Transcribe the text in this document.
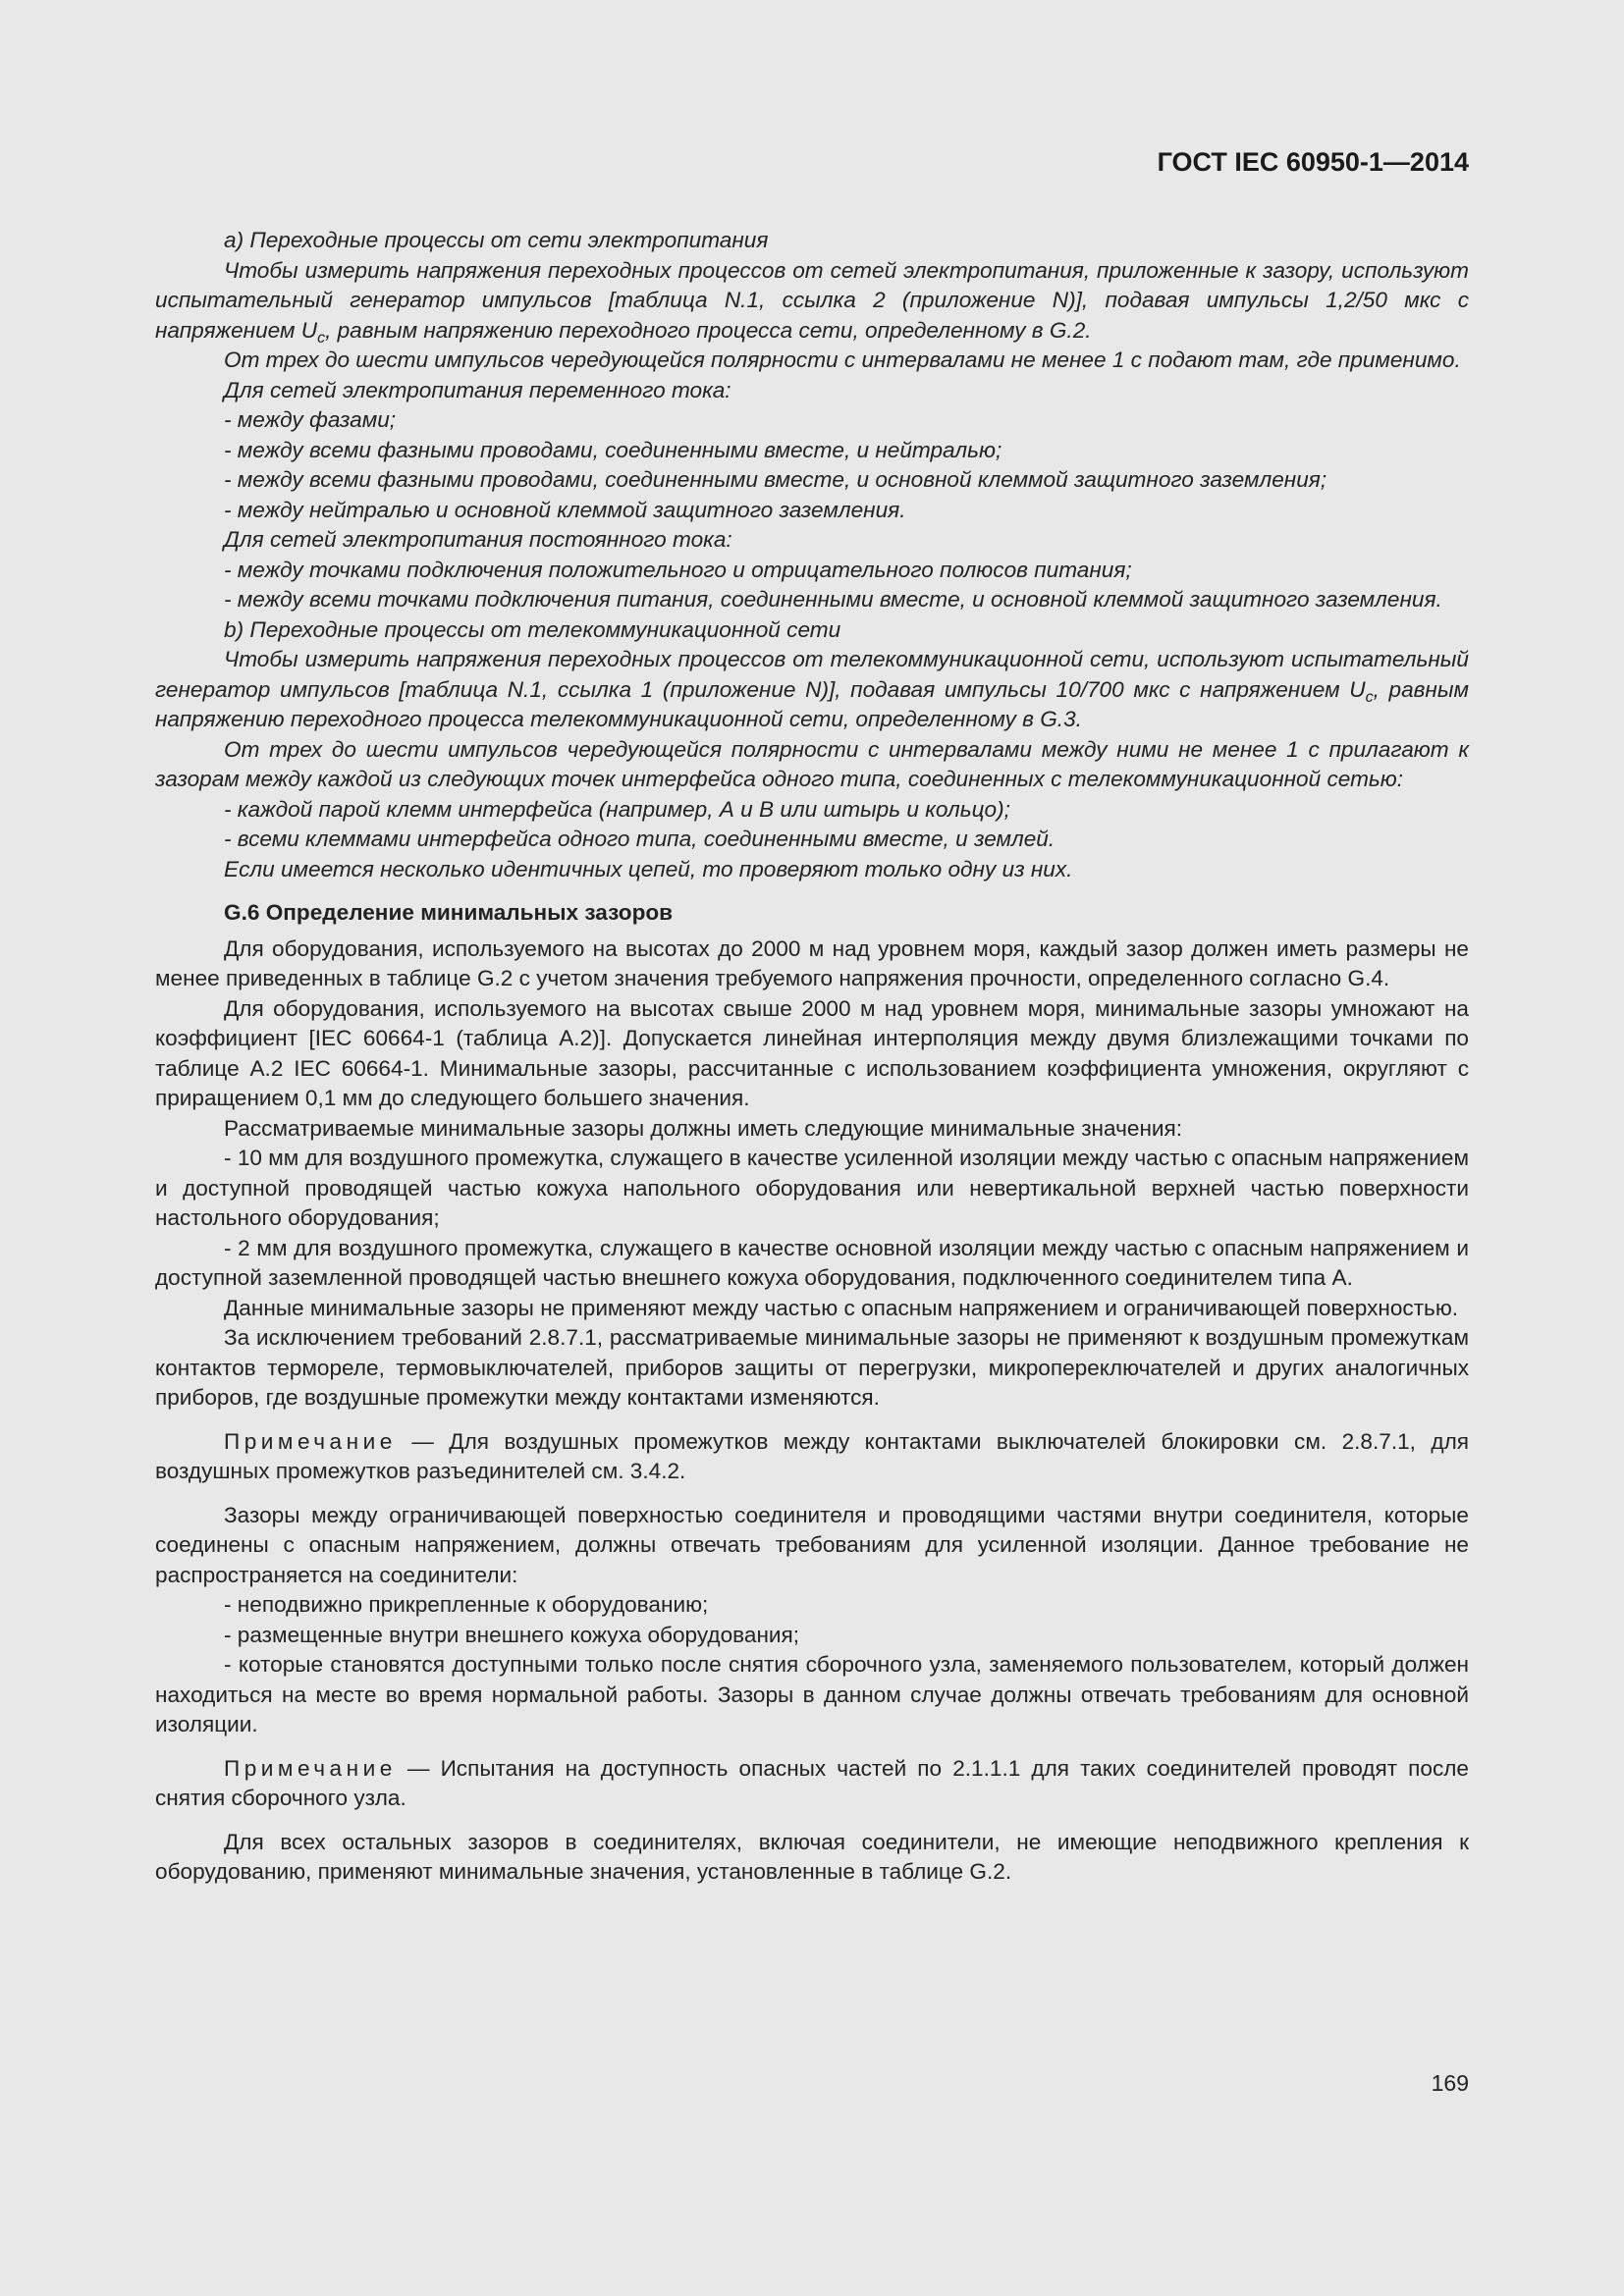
ГОСТ IEC 60950-1—2014

а) Переходные процессы от сети электропитания

Чтобы измерить напряжения переходных процессов от сетей электропитания, приложенные к зазору, используют испытательный генератор импульсов [таблица N.1, ссылка 2 (приложение N)], подавая импульсы 1,2/50 мкс с напряжением $U_c$, равным напряжению переходного процесса сети, определенному в G.2.

От трех до шести импульсов чередующейся полярности с интервалами не менее 1 с подают там, где применимо.

Для сетей электропитания переменного тока:

- между фазами;

- между всеми фазными проводами, соединенными вместе, и нейтралью;

- между всеми фазными проводами, соединенными вместе, и основной клеммой защитного заземления;

- между нейтралью и основной клеммой защитного заземления.

Для сетей электропитания постоянного тока:

- между точками подключения положительного и отрицательного полюсов питания;

- между всеми точками подключения питания, соединенными вместе, и основной клеммой защитного заземления.

b) Переходные процессы от телекоммуникационной сети

Чтобы измерить напряжения переходных процессов от телекоммуникационной сети, используют испытательный генератор импульсов [таблица N.1, ссылка 1 (приложение N)], подавая импульсы 10/700 мкс с напряжением $U_c$, равным напряжению переходного процесса телекоммуникационной сети, определенному в G.3.

От трех до шести импульсов чередующейся полярности с интервалами между ними не менее 1 с прилагают к зазорам между каждой из следующих точек интерфейса одного типа, соединенных с телекоммуникационной сетью:

- каждой парой клемм интерфейса (например, А и В или штырь и кольцо);

- всеми клеммами интерфейса одного типа, соединенными вместе, и землей.

Если имеется несколько идентичных цепей, то проверяют только одну из них.

G.6 Определение минимальных зазоров

Для оборудования, используемого на высотах до 2000 м над уровнем моря, каждый зазор должен иметь размеры не менее приведенных в таблице G.2 с учетом значения требуемого напряжения прочности, определенного согласно G.4.

Для оборудования, используемого на высотах свыше 2000 м над уровнем моря, минимальные зазоры умножают на коэффициент [IEC 60664-1 (таблица А.2)]. Допускается линейная интерполяция между двумя близлежащими точками по таблице А.2 IEC 60664-1. Минимальные зазоры, рассчитанные с использованием коэффициента умножения, округляют с приращением 0,1 мм до следующего большего значения.

Рассматриваемые минимальные зазоры должны иметь следующие минимальные значения:

- 10 мм для воздушного промежутка, служащего в качестве усиленной изоляции между частью с опасным напряжением и доступной проводящей частью кожуха напольного оборудования или невертикальной верхней частью поверхности настольного оборудования;

- 2 мм для воздушного промежутка, служащего в качестве основной изоляции между частью с опасным напряжением и доступной заземленной проводящей частью внешнего кожуха оборудования, подключенного соединителем типа А.

Данные минимальные зазоры не применяют между частью с опасным напряжением и ограничивающей поверхностью.

За исключением требований 2.8.7.1, рассматриваемые минимальные зазоры не применяют к воздушным промежуткам контактов термореле, термовыключателей, приборов защиты от перегрузки, микропереключателей и других аналогичных приборов, где воздушные промежутки между контактами изменяются.

Примечание — Для воздушных промежутков между контактами выключателей блокировки см. 2.8.7.1, для воздушных промежутков разъединителей см. 3.4.2.

Зазоры между ограничивающей поверхностью соединителя и проводящими частями внутри соединителя, которые соединены с опасным напряжением, должны отвечать требованиям для усиленной изоляции. Данное требование не распространяется на соединители:

- неподвижно прикрепленные к оборудованию;

- размещенные внутри внешнего кожуха оборудования;

- которые становятся доступными только после снятия сборочного узла, заменяемого пользователем, который должен находиться на месте во время нормальной работы. Зазоры в данном случае должны отвечать требованиям для основной изоляции.

Примечание — Испытания на доступность опасных частей по 2.1.1.1 для таких соединителей проводят после снятия сборочного узла.

Для всех остальных зазоров в соединителях, включая соединители, не имеющие неподвижного крепления к оборудованию, применяют минимальные значения, установленные в таблице G.2.

169
